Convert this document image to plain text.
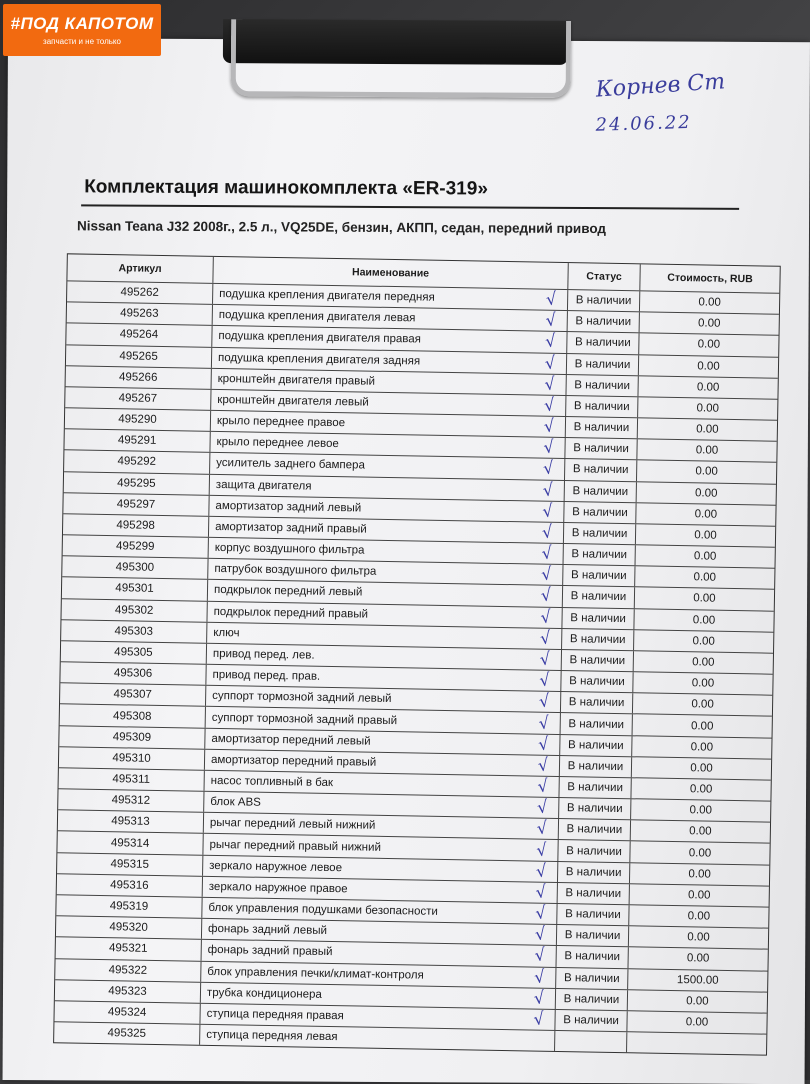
Корнев Ст
24.06.22
Комплектация машинокомплекта «ER-319»
Nissan Teana J32 2008г., 2.5 л., VQ25DE, бензин, АКПП, седан, передний привод
Артикул	Наименование	Статус	Стоимость, RUB
495262	подушка крепления двигателя передняя	√ В наличии	0.00
495263	подушка крепления двигателя левая	√ В наличии	0.00
495264	подушка крепления двигателя правая	√ В наличии	0.00
495265	подушка крепления двигателя задняя	√ В наличии	0.00
495266	кронштейн двигателя правый	√ В наличии	0.00
495267	кронштейн двигателя левый	√ В наличии	0.00
495290	крыло переднее правое	√ В наличии	0.00
495291	крыло переднее левое	√ В наличии	0.00
495292	усилитель заднего бампера	√ В наличии	0.00
495295	защита двигателя	√ В наличии	0.00
495297	амортизатор задний левый	√ В наличии	0.00
495298	амортизатор задний правый	√ В наличии	0.00
495299	корпус воздушного фильтра	√ В наличии	0.00
495300	патрубок воздушного фильтра	√ В наличии	0.00
495301	подкрылок передний левый	√ В наличии	0.00
495302	подкрылок передний правый	√ В наличии	0.00
495303	ключ	√ В наличии	0.00
495305	привод перед. лев.	√ В наличии	0.00
495306	привод перед. прав.	√ В наличии	0.00
495307	суппорт тормозной задний левый	√ В наличии	0.00
495308	суппорт тормозной задний правый	√ В наличии	0.00
495309	амортизатор передний левый	√ В наличии	0.00
495310	амортизатор передний правый	√ В наличии	0.00
495311	насос топливный в бак	√ В наличии	0.00
495312	блок ABS	√ В наличии	0.00
495313	рычаг передний левый нижний	√ В наличии	0.00
495314	рычаг передний правый нижний	√ В наличии	0.00
495315	зеркало наружное левое	√ В наличии	0.00
495316	зеркало наружное правое	√ В наличии	0.00
495319	блок управления подушками безопасности	√ В наличии	0.00
495320	фонарь задний левый	√ В наличии	0.00
495321	фонарь задний правый	√ В наличии	0.00
495322	блок управления печки/климат-контроля	√ В наличии	1500.00
495323	трубка кондиционера	√ В наличии	0.00
495324	ступица передняя правая	√ В наличии	0.00
495325	ступица передняя левая
#ПОД КАПОТОМ
запчасти и не только
